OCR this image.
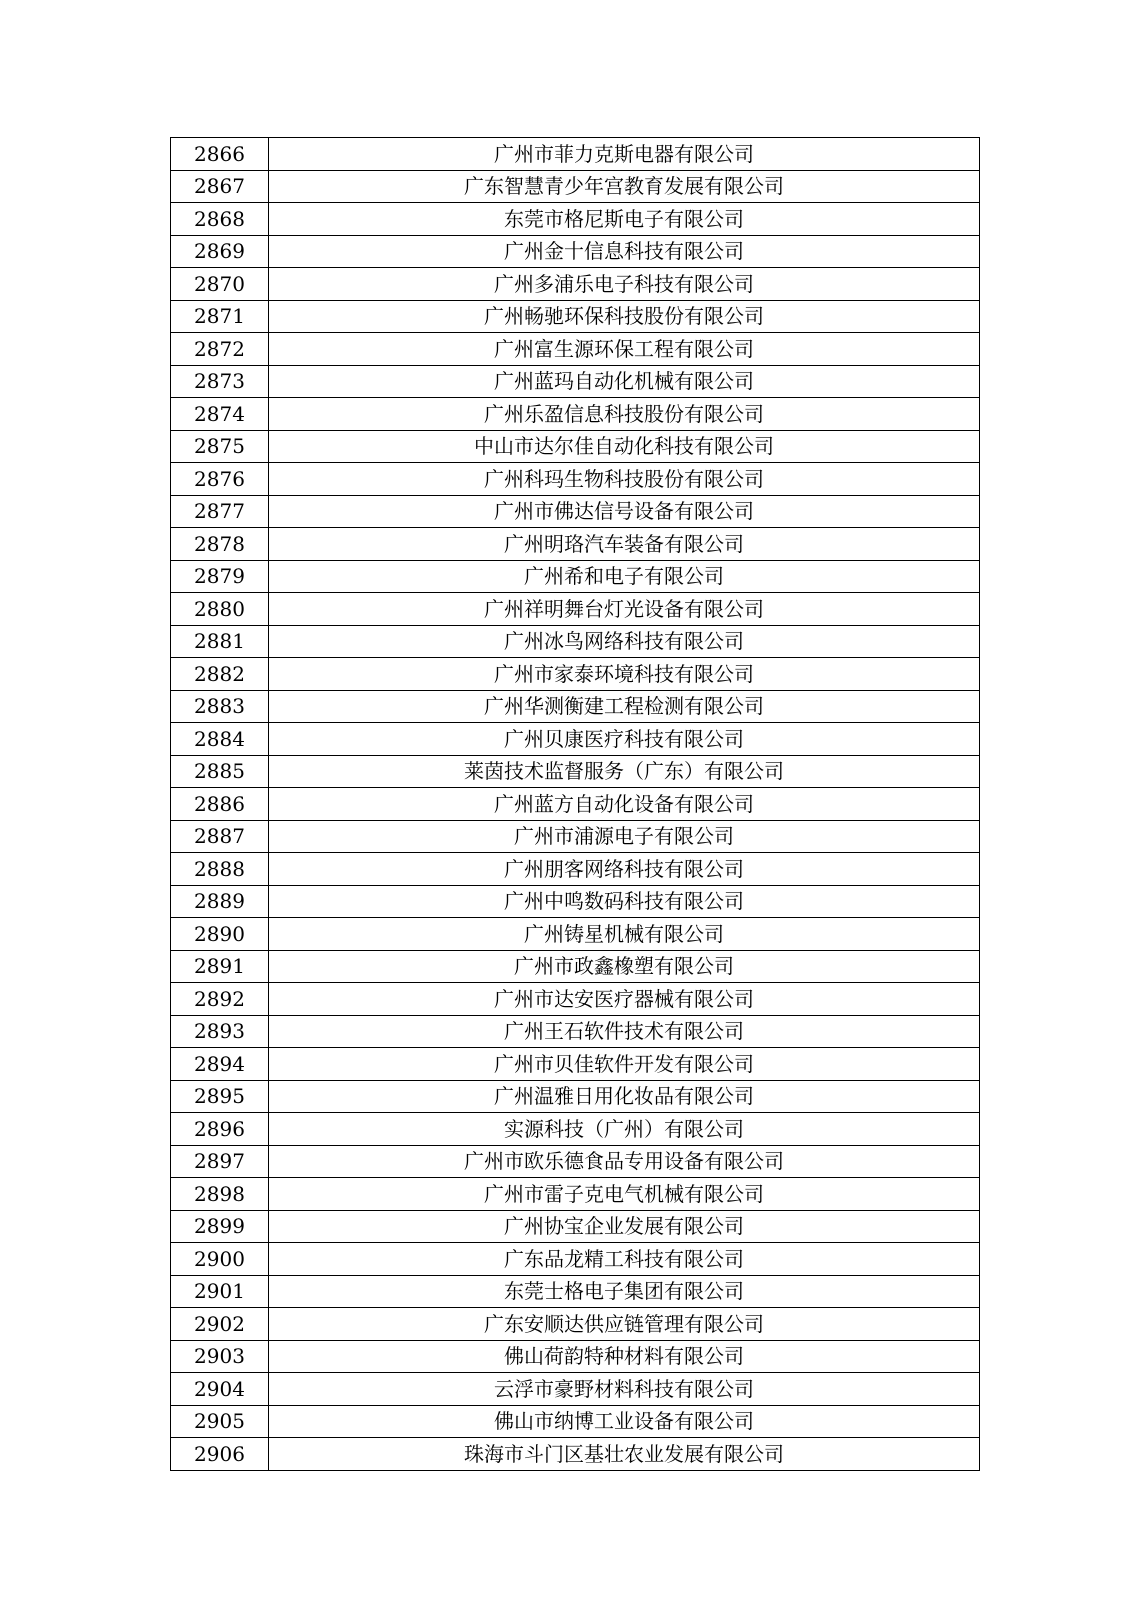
2866	广州市菲力克斯电器有限公司
2867	广东智慧青少年宫教育发展有限公司
2868	东莞市格尼斯电子有限公司
2869	广州金十信息科技有限公司
2870	广州多浦乐电子科技有限公司
2871	广州畅驰环保科技股份有限公司
2872	广州富生源环保工程有限公司
2873	广州蓝玛自动化机械有限公司
2874	广州乐盈信息科技股份有限公司
2875	中山市达尔佳自动化科技有限公司
2876	广州科玛生物科技股份有限公司
2877	广州市佛达信号设备有限公司
2878	广州明珞汽车装备有限公司
2879	广州希和电子有限公司
2880	广州祥明舞台灯光设备有限公司
2881	广州冰鸟网络科技有限公司
2882	广州市家泰环境科技有限公司
2883	广州华测衡建工程检测有限公司
2884	广州贝康医疗科技有限公司
2885	莱茵技术监督服务（广东）有限公司
2886	广州蓝方自动化设备有限公司
2887	广州市浦源电子有限公司
2888	广州朋客网络科技有限公司
2889	广州中鸣数码科技有限公司
2890	广州铸星机械有限公司
2891	广州市政鑫橡塑有限公司
2892	广州市达安医疗器械有限公司
2893	广州王石软件技术有限公司
2894	广州市贝佳软件开发有限公司
2895	广州温雅日用化妆品有限公司
2896	实源科技（广州）有限公司
2897	广州市欧乐德食品专用设备有限公司
2898	广州市雷子克电气机械有限公司
2899	广州协宝企业发展有限公司
2900	广东品龙精工科技有限公司
2901	东莞士格电子集团有限公司
2902	广东安顺达供应链管理有限公司
2903	佛山荷韵特种材料有限公司
2904	云浮市豪野材料科技有限公司
2905	佛山市纳博工业设备有限公司
2906	珠海市斗门区基壮农业发展有限公司
